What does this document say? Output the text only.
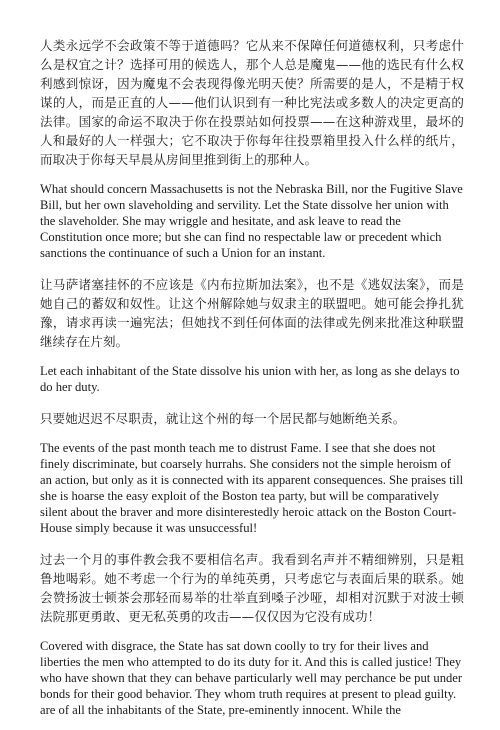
人类永远学不会政策不等于道德吗？它从来不保障任何道德权利，只考虑什么是权宜之计？选择可用的候选人，那个人总是魔鬼——他的选民有什么权利感到惊讶，因为魔鬼不会表现得像光明天使？所需要的是人，不是精于权谋的人，而是正直的人——他们认识到有一种比宪法或多数人的决定更高的法律。国家的命运不取决于你在投票站如何投票——在这种游戏里，最坏的人和最好的人一样强大；它不取决于你每年往投票箱里投入什么样的纸片，而取决于你每天早晨从房间里推到街上的那种人。

What should concern Massachusetts is not the Nebraska Bill, nor the Fugitive Slave Bill, but her own slaveholding and servility. Let the State dissolve her union with the slaveholder. She may wriggle and hesitate, and ask leave to read the Constitution once more; but she can find no respectable law or precedent which sanctions the continuance of such a Union for an instant.

让马萨诸塞挂怀的不应该是《内布拉斯加法案》，也不是《逃奴法案》，而是她自己的蓄奴和奴性。让这个州解除她与奴隶主的联盟吧。她可能会挣扎犹豫，请求再读一遍宪法；但她找不到任何体面的法律或先例来批准这种联盟继续存在片刻。

Let each inhabitant of the State dissolve his union with her, as long as she delays to do her duty.

只要她迟迟不尽职责，就让这个州的每一个居民都与她断绝关系。

The events of the past month teach me to distrust Fame. I see that she does not finely discriminate, but coarsely hurrahs. She considers not the simple heroism of an action, but only as it is connected with its apparent consequences. She praises till she is hoarse the easy exploit of the Boston tea party, but will be comparatively silent about the braver and more disinterestedly heroic attack on the Boston Court-House simply because it was unsuccessful!

过去一个月的事件教会我不要相信名声。我看到名声并不精细辨别，只是粗鲁地喝彩。她不考虑一个行为的单纯英勇，只考虑它与表面后果的联系。她会赞扬波士顿茶会那轻而易举的壮举直到嗓子沙哑，却相对沉默于对波士顿法院那更勇敢、更无私英勇的攻击——仅仅因为它没有成功！

Covered with disgrace, the State has sat down coolly to try for their lives and liberties the men who attempted to do its duty for it. And this is called justice! They who have shown that they can behave particularly well may perchance be put under bonds for their good behavior. They whom truth requires at present to plead guilty. are of all the inhabitants of the State, pre-eminently innocent. While the
